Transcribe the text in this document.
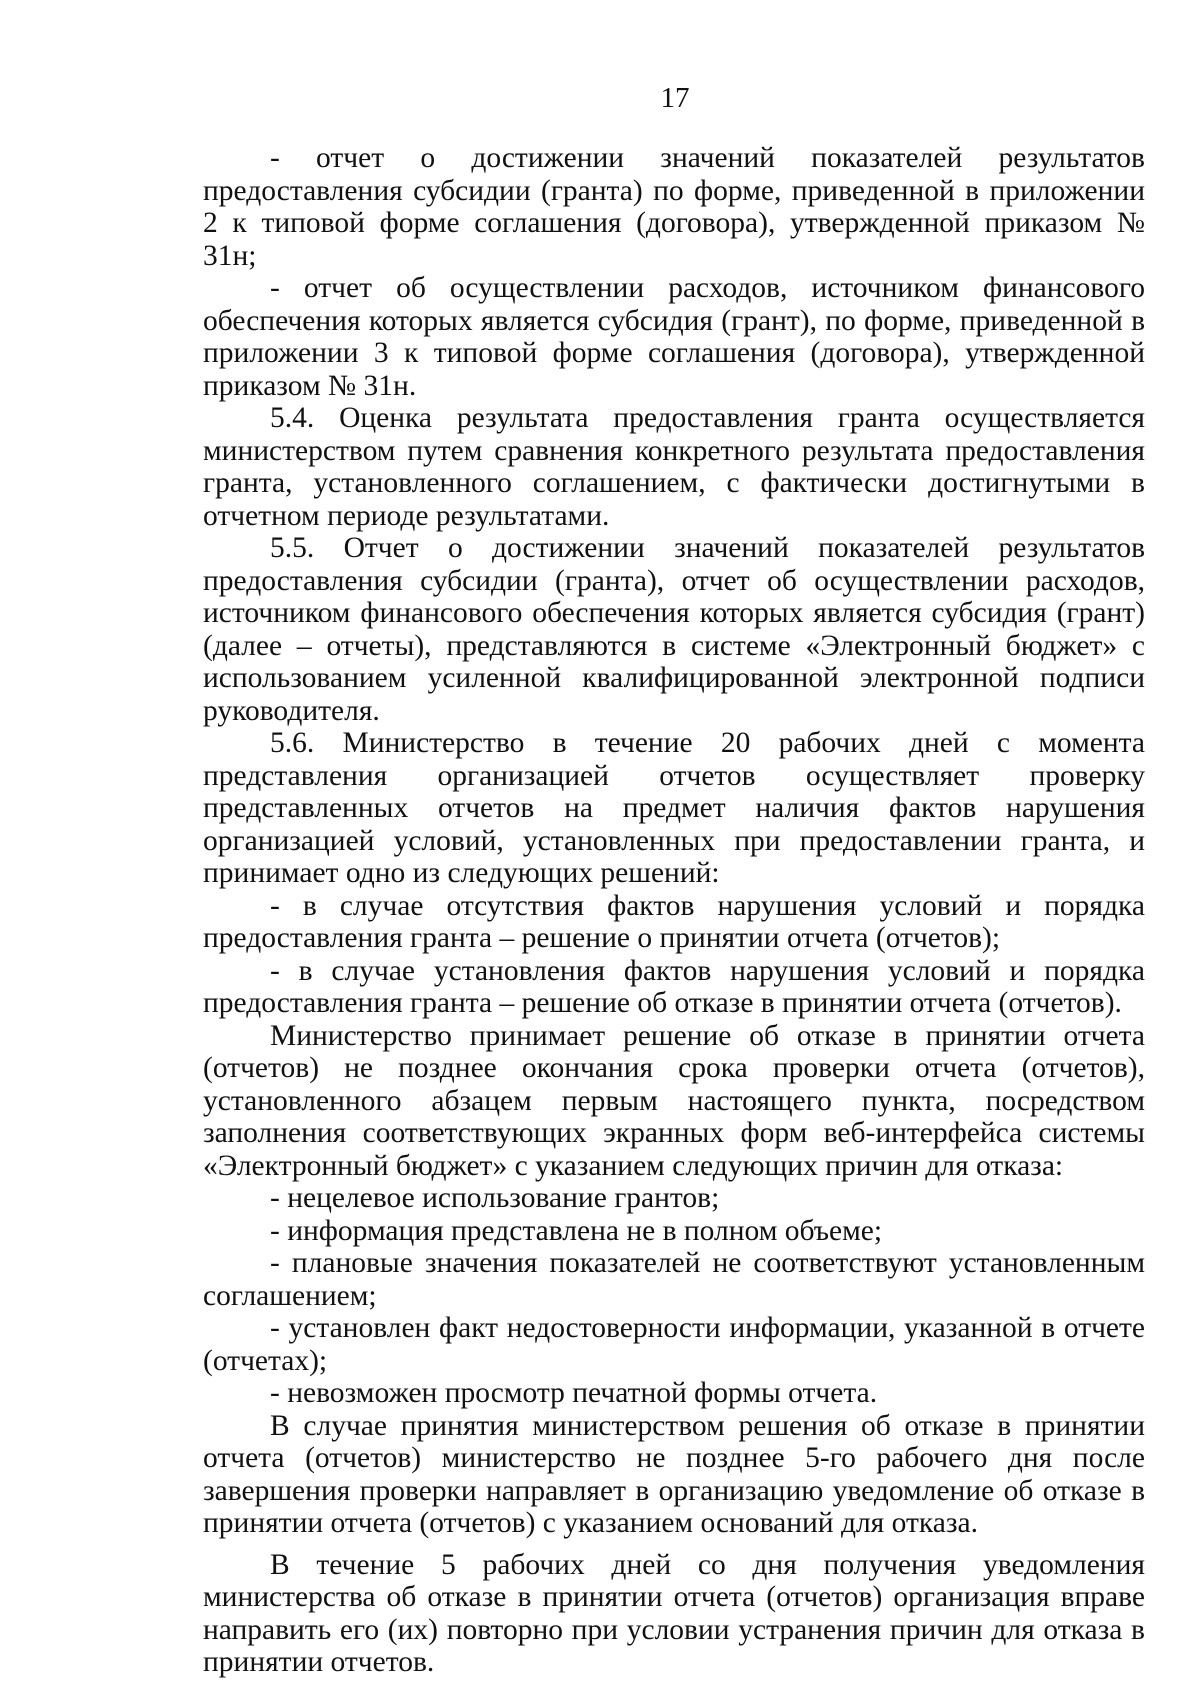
17

- отчет о достижении значений показателей результатов предоставления субсидии (гранта) по форме, приведенной в приложении 2 к типовой форме соглашения (договора), утвержденной приказом № 31н;

- отчет об осуществлении расходов, источником финансового обеспечения которых является субсидия (грант), по форме, приведенной в приложении 3 к типовой форме соглашения (договора), утвержденной приказом № 31н.

5.4. Оценка результата предоставления гранта осуществляется министерством путем сравнения конкретного результата предоставления гранта, установленного соглашением, с фактически достигнутыми в отчетном периоде результатами.

5.5. Отчет о достижении значений показателей результатов предоставления субсидии (гранта), отчет об осуществлении расходов, источником финансового обеспечения которых является субсидия (грант) (далее – отчеты), представляются в системе «Электронный бюджет» с использованием усиленной квалифицированной электронной подписи руководителя.

5.6. Министерство в течение 20 рабочих дней с момента представления организацией отчетов осуществляет проверку представленных отчетов на предмет наличия фактов нарушения организацией условий, установленных при предоставлении гранта, и принимает одно из следующих решений:

- в случае отсутствия фактов нарушения условий и порядка предоставления гранта – решение о принятии отчета (отчетов);

- в случае установления фактов нарушения условий и порядка предоставления гранта – решение об отказе в принятии отчета (отчетов).

Министерство принимает решение об отказе в принятии отчета (отчетов) не позднее окончания срока проверки отчета (отчетов), установленного абзацем первым настоящего пункта, посредством заполнения соответствующих экранных форм веб-интерфейса системы «Электронный бюджет» с указанием следующих причин для отказа:

- нецелевое использование грантов;

- информация представлена не в полном объеме;

- плановые значения показателей не соответствуют установленным соглашением;

- установлен факт недостоверности информации, указанной в отчете (отчетах);

- невозможен просмотр печатной формы отчета.

В случае принятия министерством решения об отказе в принятии отчета (отчетов) министерство не позднее 5-го рабочего дня после завершения проверки направляет в организацию уведомление об отказе в принятии отчета (отчетов) с указанием оснований для отказа.

В течение 5 рабочих дней со дня получения уведомления министерства об отказе в принятии отчета (отчетов) организация вправе направить его (их) повторно при условии устранения причин для отказа в принятии отчетов.
